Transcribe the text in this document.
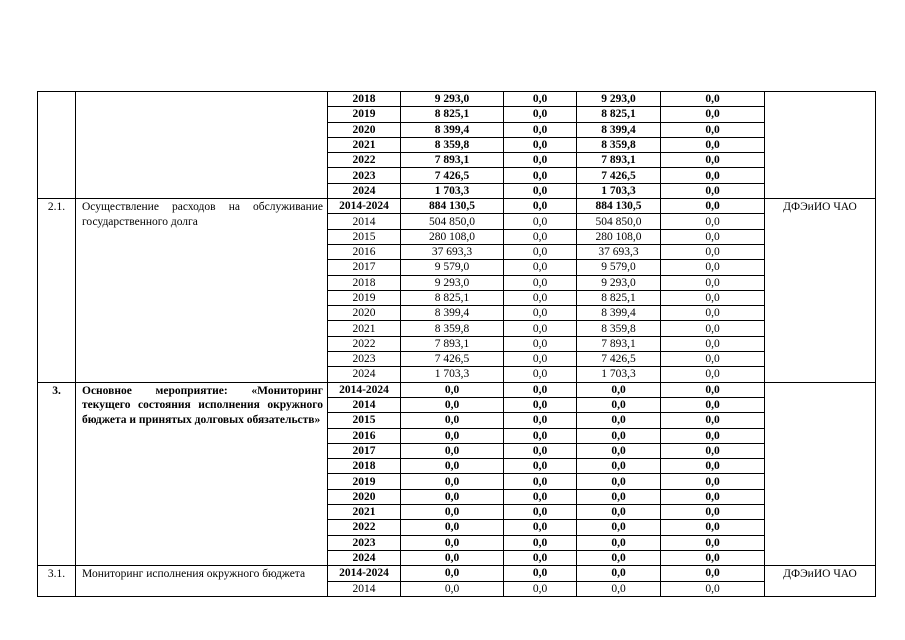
		2018	9 293,0	0,0	9 293,0	0,0	
		2019	8 825,1	0,0	8 825,1	0,0	
		2020	8 399,4	0,0	8 399,4	0,0	
		2021	8 359,8	0,0	8 359,8	0,0	
		2022	7 893,1	0,0	7 893,1	0,0	
		2023	7 426,5	0,0	7 426,5	0,0	
		2024	1 703,3	0,0	1 703,3	0,0	
2.1.	Осуществление расходов на обслуживание государственного долга	2014-2024	884 130,5	0,0	884 130,5	0,0	ДФЭиИО ЧАО
		2014	504 850,0	0,0	504 850,0	0,0	
		2015	280 108,0	0,0	280 108,0	0,0	
		2016	37 693,3	0,0	37 693,3	0,0	
		2017	9 579,0	0,0	9 579,0	0,0	
		2018	9 293,0	0,0	9 293,0	0,0	
		2019	8 825,1	0,0	8 825,1	0,0	
		2020	8 399,4	0,0	8 399,4	0,0	
		2021	8 359,8	0,0	8 359,8	0,0	
		2022	7 893,1	0,0	7 893,1	0,0	
		2023	7 426,5	0,0	7 426,5	0,0	
		2024	1 703,3	0,0	1 703,3	0,0	
3.	Основное мероприятие: «Мониторинг текущего состояния исполнения окружного бюджета и принятых долговых обязательств»	2014-2024	0,0	0,0	0,0	0,0	
		2014	0,0	0,0	0,0	0,0	
		2015	0,0	0,0	0,0	0,0	
		2016	0,0	0,0	0,0	0,0	
		2017	0,0	0,0	0,0	0,0	
		2018	0,0	0,0	0,0	0,0	
		2019	0,0	0,0	0,0	0,0	
		2020	0,0	0,0	0,0	0,0	
		2021	0,0	0,0	0,0	0,0	
		2022	0,0	0,0	0,0	0,0	
		2023	0,0	0,0	0,0	0,0	
		2024	0,0	0,0	0,0	0,0	
3.1.	Мониторинг исполнения окружного бюджета	2014-2024	0,0	0,0	0,0	0,0	ДФЭиИО ЧАО
		2014	0,0	0,0	0,0	0,0	
